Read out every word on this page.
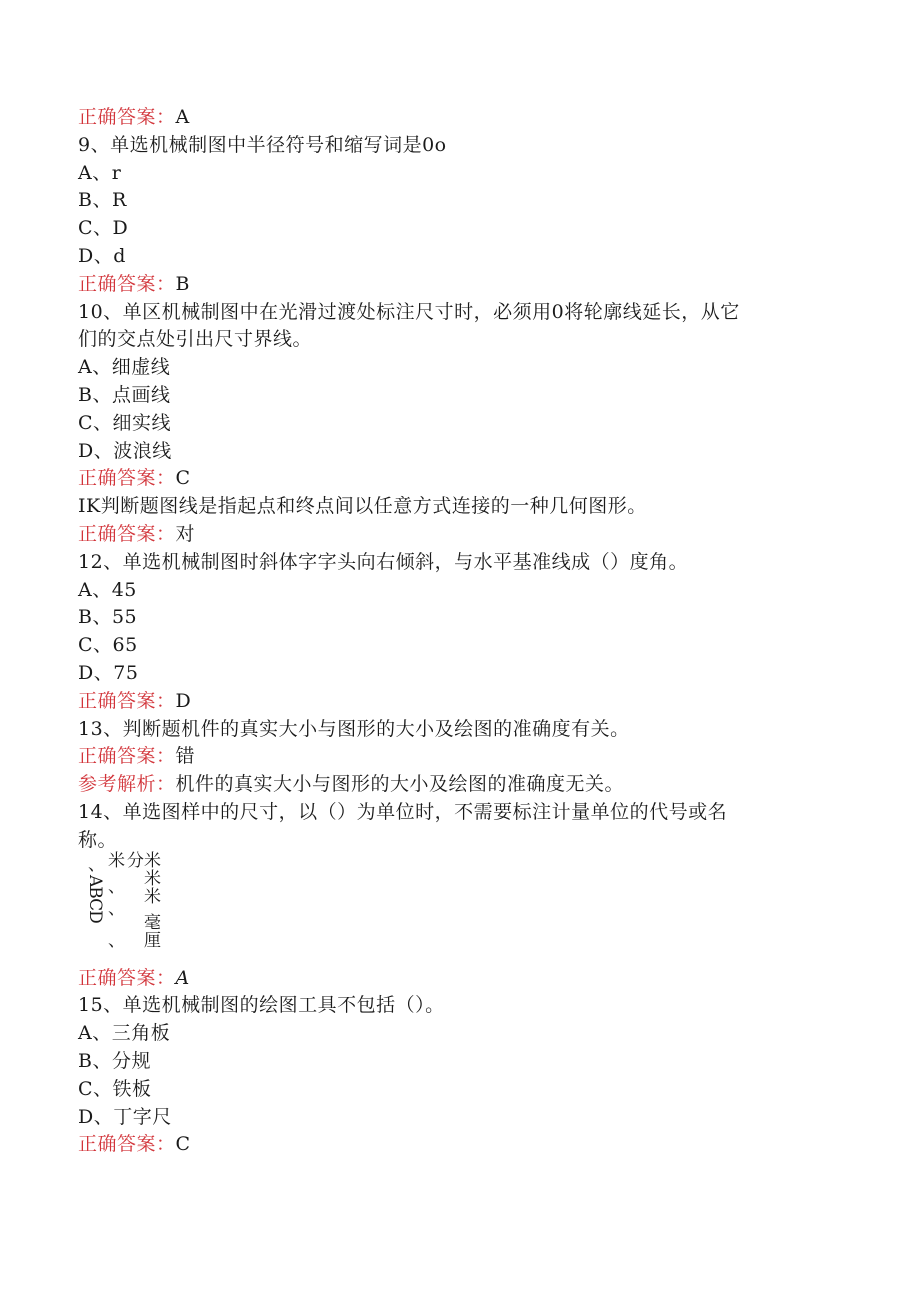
正确答案：A
9、单选机械制图中半径符号和缩写词是0o
A、r
B、R
C、D
D、d
正确答案：B
10、单区机械制图中在光滑过渡处标注尺寸时，必须用0将轮廓线延长，从它
们的交点处引出尺寸界线。
A、细虚线
B、点画线
C、细实线
D、波浪线
正确答案：C
IK判断题图线是指起点和终点间以任意方式连接的一种几何图形。
正确答案：对
12、单选机械制图时斜体字字头向右倾斜，与水平基准线成（）度角。
A、45
B、55
C、65
D、75
正确答案：D
13、判断题机件的真实大小与图形的大小及绘图的准确度有关。
正确答案：错
参考解析：机件的真实大小与图形的大小及绘图的准确度无关。
14、单选图样中的尺寸，以（）为单位时，不需要标注计量单位的代号或名
称。
、 米 分 米
米
米
ABCD 、
、
毫
厘
、
正确答案：A
15、单选机械制图的绘图工具不包括（）。
A、三角板
B、分规
C、铁板
D、丁字尺
正确答案：C
